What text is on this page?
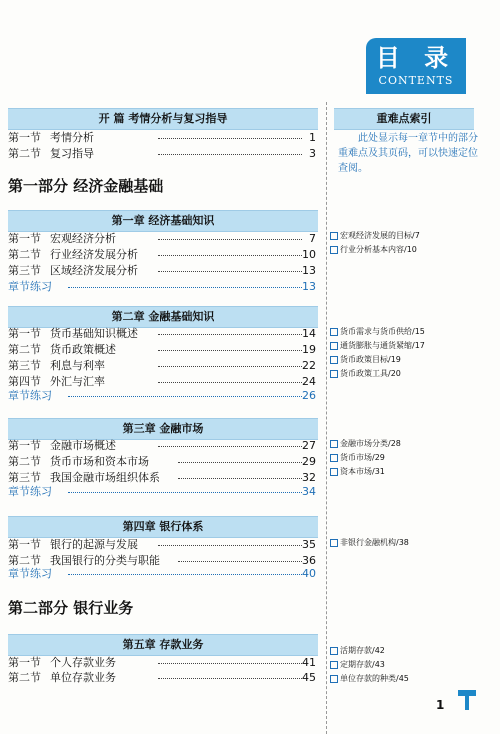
目 录
CONTENTS
开 篇 考情分析与复习指导
第一节 考情分析	1
第二节 复习指导	3
第一部分 经济金融基础
第一章 经济基础知识
第一节 宏观经济分析	7
第二节 行业经济发展分析	10
第三节 区域经济发展分析	13
章节练习	13
第二章 金融基础知识
第一节 货币基础知识概述	14
第二节 货币政策概述	19
第三节 利息与利率	22
第四节 外汇与汇率	24
章节练习	26
第三章 金融市场
第一节 金融市场概述	27
第二节 货币市场和资本市场	29
第三节 我国金融市场组织体系	32
章节练习	34
第四章 银行体系
第一节 银行的起源与发展	35
第二节 我国银行的分类与职能	36
章节练习	40
第二部分 银行业务
第五章 存款业务
第一节 个人存款业务	41
第二节 单位存款业务	45
重难点索引
此处显示每一章节中的部分重难点及其页码，可以快速定位查阅。
宏观经济发展的目标/7
行业分析基本内容/10
货币需求与货币供给/15
通货膨胀与通货紧缩/17
货币政策目标/19
货币政策工具/20
金融市场分类/28
货币市场/29
资本市场/31
非银行金融机构/38
活期存款/42
定期存款/43
单位存款的种类/45
1
